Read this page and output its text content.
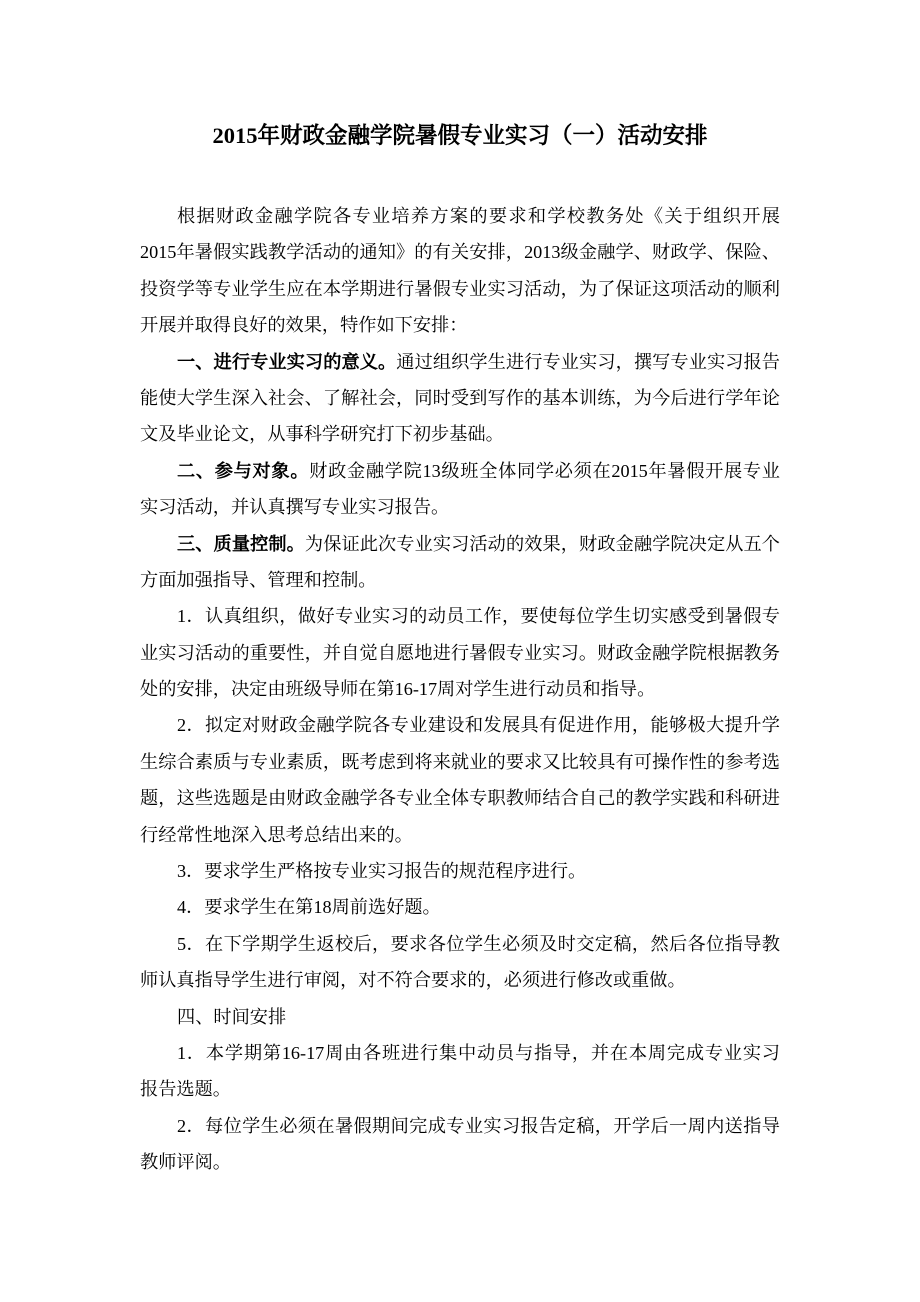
2015年财政金融学院暑假专业实习（一）活动安排
根据财政金融学院各专业培养方案的要求和学校教务处《关于组织开展
2015年暑假实践教学活动的通知》的有关安排，2013级金融学、财政学、保险、
投资学等专业学生应在本学期进行暑假专业实习活动，为了保证这项活动的顺利
开展并取得良好的效果，特作如下安排：
一、进行专业实习的意义。通过组织学生进行专业实习，撰写专业实习报告
能使大学生深入社会、了解社会，同时受到写作的基本训练，为今后进行学年论
文及毕业论文，从事科学研究打下初步基础。
二、参与对象。财政金融学院13级班全体同学必须在2015年暑假开展专业
实习活动，并认真撰写专业实习报告。
三、质量控制。为保证此次专业实习活动的效果，财政金融学院决定从五个
方面加强指导、管理和控制。
1．认真组织，做好专业实习的动员工作，要使每位学生切实感受到暑假专
业实习活动的重要性，并自觉自愿地进行暑假专业实习。财政金融学院根据教务
处的安排，决定由班级导师在第16-17周对学生进行动员和指导。
2．拟定对财政金融学院各专业建设和发展具有促进作用，能够极大提升学
生综合素质与专业素质，既考虑到将来就业的要求又比较具有可操作性的参考选
题，这些选题是由财政金融学各专业全体专职教师结合自己的教学实践和科研进
行经常性地深入思考总结出来的。
3．要求学生严格按专业实习报告的规范程序进行。
4．要求学生在第18周前选好题。
5．在下学期学生返校后，要求各位学生必须及时交定稿，然后各位指导教
师认真指导学生进行审阅，对不符合要求的，必须进行修改或重做。
四、时间安排
1．本学期第16-17周由各班进行集中动员与指导，并在本周完成专业实习
报告选题。
2．每位学生必须在暑假期间完成专业实习报告定稿，开学后一周内送指导
教师评阅。
